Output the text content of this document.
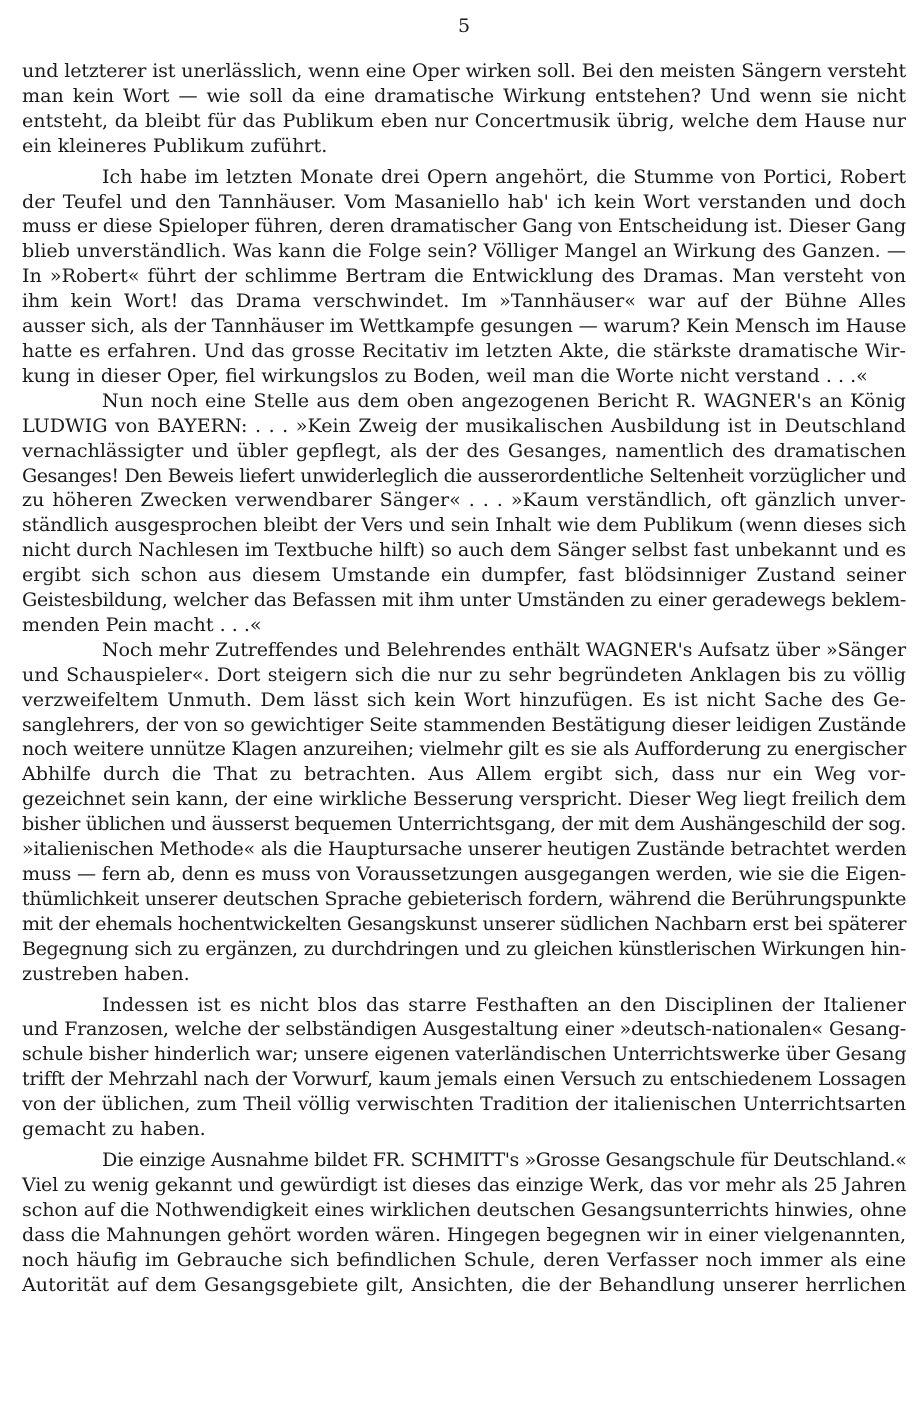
5
und letzterer ist unerlässlich, wenn eine Oper wirken soll. Bei den meisten Sängern versteht
man kein Wort — wie soll da eine dramatische Wirkung entstehen? Und wenn sie nicht
entsteht, da bleibt für das Publikum eben nur Concertmusik übrig, welche dem Hause nur
ein kleineres Publikum zuführt.
Ich habe im letzten Monate drei Opern angehört, die Stumme von Portici, Robert
der Teufel und den Tannhäuser. Vom Masaniello hab' ich kein Wort verstanden und doch
muss er diese Spieloper führen, deren dramatischer Gang von Entscheidung ist. Dieser Gang
blieb unverständlich. Was kann die Folge sein? Völliger Mangel an Wirkung des Ganzen. —
In »Robert« führt der schlimme Bertram die Entwicklung des Dramas. Man versteht von
ihm kein Wort! das Drama verschwindet. Im »Tannhäuser« war auf der Bühne Alles
ausser sich, als der Tannhäuser im Wettkampfe gesungen — warum? Kein Mensch im Hause
hatte es erfahren. Und das grosse Recitativ im letzten Akte, die stärkste dramatische Wir-
kung in dieser Oper, fiel wirkungslos zu Boden, weil man die Worte nicht verstand . . .«
Nun noch eine Stelle aus dem oben angezogenen Bericht R. WAGNER's an König
LUDWIG von BAYERN: . . . »Kein Zweig der musikalischen Ausbildung ist in Deutschland
vernachlässigter und übler gepflegt, als der des Gesanges, namentlich des dramatischen
Gesanges! Den Beweis liefert unwiderleglich die ausserordentliche Seltenheit vorzüglicher und
zu höheren Zwecken verwendbarer Sänger« . . . »Kaum verständlich, oft gänzlich unver-
ständlich ausgesprochen bleibt der Vers und sein Inhalt wie dem Publikum (wenn dieses sich
nicht durch Nachlesen im Textbuche hilft) so auch dem Sänger selbst fast unbekannt und es
ergibt sich schon aus diesem Umstande ein dumpfer, fast blödsinniger Zustand seiner
Geistesbildung, welcher das Befassen mit ihm unter Umständen zu einer geradewegs beklem-
menden Pein macht . . .«
Noch mehr Zutreffendes und Belehrendes enthält WAGNER's Aufsatz über »Sänger
und Schauspieler«. Dort steigern sich die nur zu sehr begründeten Anklagen bis zu völlig
verzweifeltem Unmuth. Dem lässt sich kein Wort hinzufügen. Es ist nicht Sache des Ge-
sanglehrers, der von so gewichtiger Seite stammenden Bestätigung dieser leidigen Zustände
noch weitere unnütze Klagen anzureihen; vielmehr gilt es sie als Aufforderung zu energischer
Abhilfe durch die That zu betrachten. Aus Allem ergibt sich, dass nur ein Weg vor-
gezeichnet sein kann, der eine wirkliche Besserung verspricht. Dieser Weg liegt freilich dem
bisher üblichen und äusserst bequemen Unterrichtsgang, der mit dem Aushängeschild der sog.
»italienischen Methode« als die Hauptursache unserer heutigen Zustände betrachtet werden
muss — fern ab, denn es muss von Voraussetzungen ausgegangen werden, wie sie die Eigen-
thümlichkeit unserer deutschen Sprache gebieterisch fordern, während die Berührungspunkte
mit der ehemals hochentwickelten Gesangskunst unserer südlichen Nachbarn erst bei späterer
Begegnung sich zu ergänzen, zu durchdringen und zu gleichen künstlerischen Wirkungen hin-
zustreben haben.
Indessen ist es nicht blos das starre Festhaften an den Disciplinen der Italiener
und Franzosen, welche der selbständigen Ausgestaltung einer »deutsch-nationalen« Gesang-
schule bisher hinderlich war; unsere eigenen vaterländischen Unterrichtswerke über Gesang
trifft der Mehrzahl nach der Vorwurf, kaum jemals einen Versuch zu entschiedenem Lossagen
von der üblichen, zum Theil völlig verwischten Tradition der italienischen Unterrichtsarten
gemacht zu haben.
Die einzige Ausnahme bildet FR. SCHMITT's »Grosse Gesangschule für Deutschland.«
Viel zu wenig gekannt und gewürdigt ist dieses das einzige Werk, das vor mehr als 25 Jahren
schon auf die Nothwendigkeit eines wirklichen deutschen Gesangsunterrichts hinwies, ohne
dass die Mahnungen gehört worden wären. Hingegen begegnen wir in einer vielgenannten,
noch häufig im Gebrauche sich befindlichen Schule, deren Verfasser noch immer als eine
Autorität auf dem Gesangsgebiete gilt, Ansichten, die der Behandlung unserer herrlichen
